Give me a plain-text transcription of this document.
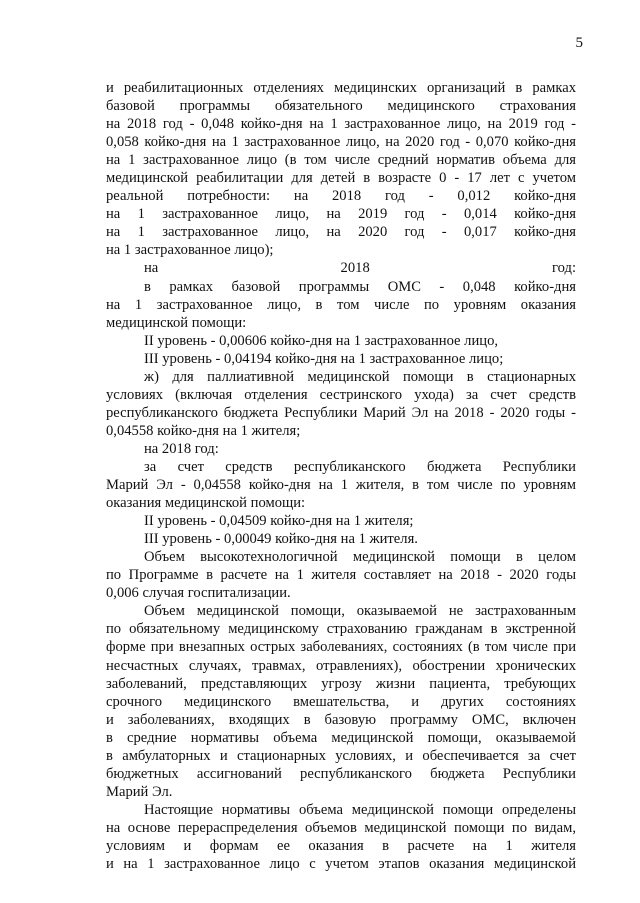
5
и реабилитационных отделениях медицинских организаций в рамках
базовой программы обязательного медицинского страхования
на 2018 год - 0,048 койко-дня на 1 застрахованное лицо, на 2019 год -
0,058 койко-дня на 1 застрахованное лицо, на 2020 год - 0,070 койко-дня
на 1 застрахованное лицо (в том числе средний норматив объема для
медицинской реабилитации для детей в возрасте 0 - 17 лет с учетом
реальной потребности: на 2018 год - 0,012 койко-дня
на 1 застрахованное лицо, на 2019 год - 0,014 койко-дня
на 1 застрахованное лицо, на 2020 год - 0,017 койко-дня
на 1 застрахованное лицо);
на 2018 год:
в рамках базовой программы ОМС - 0,048 койко-дня
на 1 застрахованное лицо, в том числе по уровням оказания
медицинской помощи:
II уровень - 0,00606 койко-дня на 1 застрахованное лицо,
III уровень - 0,04194 койко-дня на 1 застрахованное лицо;
ж) для паллиативной медицинской помощи в стационарных
условиях (включая отделения сестринского ухода) за счет средств
республиканского бюджета Республики Марий Эл на 2018 - 2020 годы -
0,04558 койко-дня на 1 жителя;
на 2018 год:
за счет средств республиканского бюджета Республики
Марий Эл - 0,04558 койко-дня на 1 жителя, в том числе по уровням
оказания медицинской помощи:
II уровень - 0,04509 койко-дня на 1 жителя;
III уровень - 0,00049 койко-дня на 1 жителя.
Объем высокотехнологичной медицинской помощи в целом
по Программе в расчете на 1 жителя составляет на 2018 - 2020 годы
0,006 случая госпитализации.
Объем медицинской помощи, оказываемой не застрахованным
по обязательному медицинскому страхованию гражданам в экстренной
форме при внезапных острых заболеваниях, состояниях (в том числе при
несчастных случаях, травмах, отравлениях), обострении хронических
заболеваний, представляющих угрозу жизни пациента, требующих
срочного медицинского вмешательства, и других состояниях
и заболеваниях, входящих в базовую программу ОМС, включен
в средние нормативы объема медицинской помощи, оказываемой
в амбулаторных и стационарных условиях, и обеспечивается за счет
бюджетных ассигнований республиканского бюджета Республики
Марий Эл.
Настоящие нормативы объема медицинской помощи определены
на основе перераспределения объемов медицинской помощи по видам,
условиям и формам ее оказания в расчете на 1 жителя
и на 1 застрахованное лицо с учетом этапов оказания медицинской
